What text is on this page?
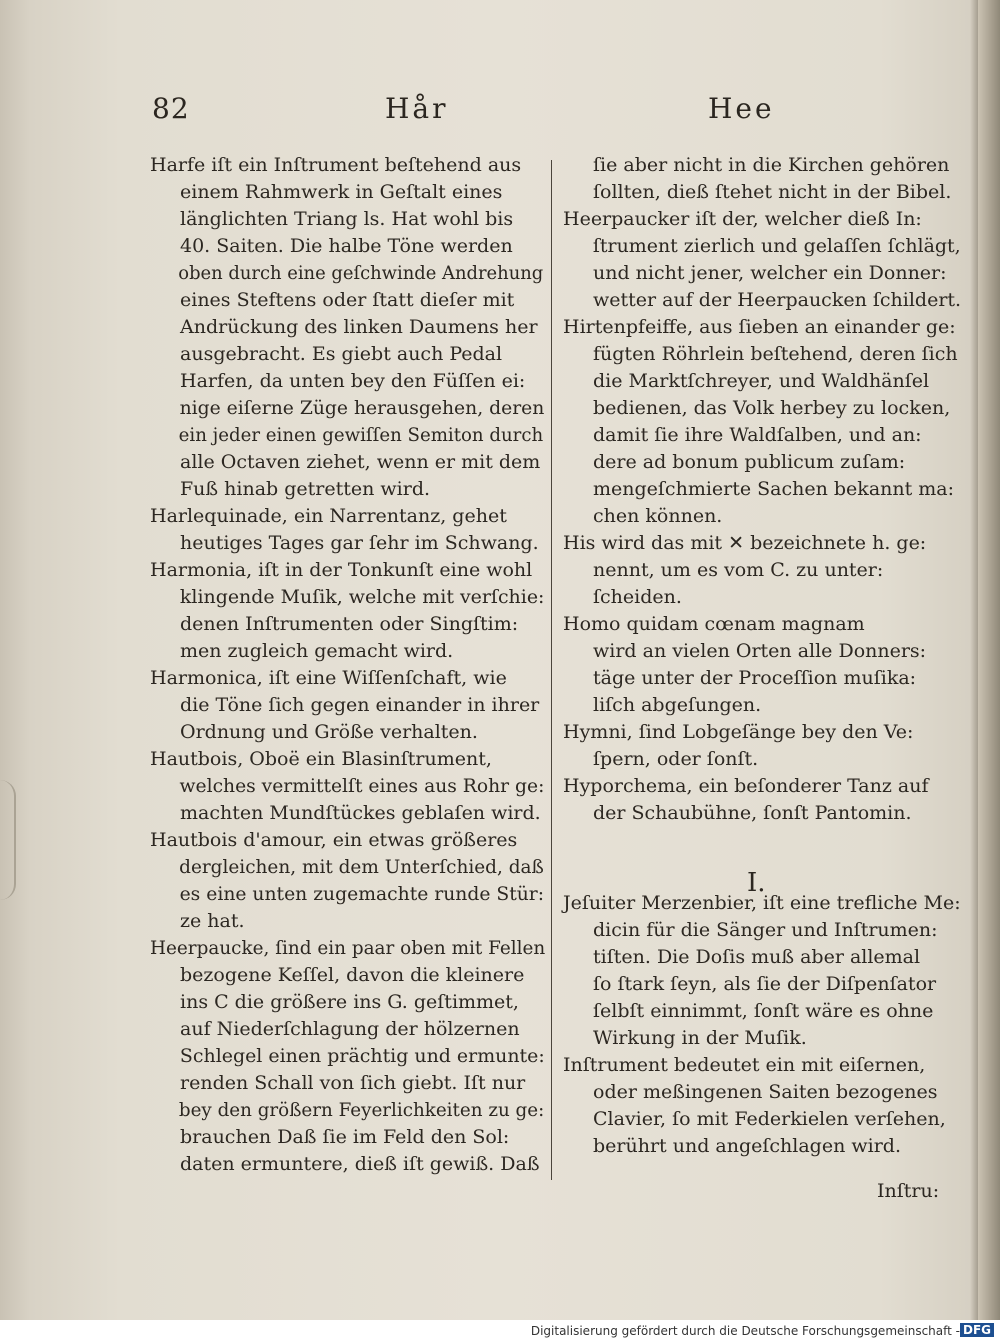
82	Hår	Hee
Harfe iſt ein Inſtrument beſtehend aus
einem Rahmwerk in Geſtalt eines
länglichten Triang ls. Hat wohl bis
40. Saiten. Die halbe Töne werden
oben durch eine geſchwinde Andrehung
eines Steftens oder ſtatt dieſer mit
Andrückung des linken Daumens her
ausgebracht. Es giebt auch Pedal
Harfen, da unten bey den Füſſen ei:
nige eiſerne Züge herausgehen, deren
ein jeder einen gewiſſen Semiton durch
alle Octaven ziehet, wenn er mit dem
Fuß hinab getretten wird.
Harlequinade, ein Narrentanz, gehet
heutiges Tages gar ſehr im Schwang.
Harmonia, iſt in der Tonkunſt eine wohl
klingende Muſik, welche mit verſchie:
denen Inſtrumenten oder Singſtim:
men zugleich gemacht wird.
Harmonica, iſt eine Wiſſenſchaft, wie
die Töne ſich gegen einander in ihrer
Ordnung und Größe verhalten.
Hautbois, Oboë ein Blasinſtrument,
welches vermittelſt eines aus Rohr ge:
machten Mundſtückes geblaſen wird.
Hautbois d'amour, ein etwas größeres
dergleichen, mit dem Unterſchied, daß
es eine unten zugemachte runde Stür:
ze hat.
Heerpaucke, ſind ein paar oben mit Fellen
bezogene Keſſel, davon die kleinere
ins C die größere ins G. geſtimmet,
auf Niederſchlagung der hölzernen
Schlegel einen prächtig und ermunte:
renden Schall von ſich giebt. Iſt nur
bey den größern Feyerlichkeiten zu ge:
brauchen Daß ſie im Feld den Sol:
daten ermuntere, dieß iſt gewiß. Daß
ſie aber nicht in die Kirchen gehören
ſollten, dieß ſtehet nicht in der Bibel.
Heerpaucker iſt der, welcher dieß In:
ſtrument zierlich und gelaſſen ſchlägt,
und nicht jener, welcher ein Donner:
wetter auf der Heerpaucken ſchildert.
Hirtenpfeiffe, aus ſieben an einander ge:
fügten Röhrlein beſtehend, deren ſich
die Marktſchreyer, und Waldhänſel
bedienen, das Volk herbey zu locken,
damit ſie ihre Waldſalben, und an:
dere ad bonum publicum zuſam:
mengeſchmierte Sachen bekannt ma:
chen können.
His wird das mit ✕ bezeichnete h. ge:
nennt, um es vom C. zu unter:
ſcheiden.
Homo quidam cœnam magnam
wird an vielen Orten alle Donners:
täge unter der Proceſſion muſika:
liſch abgeſungen.
Hymni, ſind Lobgeſänge bey den Ve:
ſpern, oder ſonſt.
Hyporchema, ein beſonderer Tanz auf
der Schaubühne, ſonſt Pantomin.
Jeſuiter Merzenbier, iſt eine trefliche Me:
dicin für die Sänger und Inſtrumen:
tiſten. Die Doſis muß aber allemal
ſo ſtark ſeyn, als ſie der Diſpenſator
ſelbſt einnimmt, ſonſt wäre es ohne
Wirkung in der Muſik.
Inſtrument bedeutet ein mit eiſernen,
oder meßingenen Saiten bezogenes
Clavier, ſo mit Federkielen verſehen,
berührt und angeſchlagen wird.
I.
Inſtru:
Digitalisierung gefördert durch die Deutsche Forschungsgemeinschaft - DFG
